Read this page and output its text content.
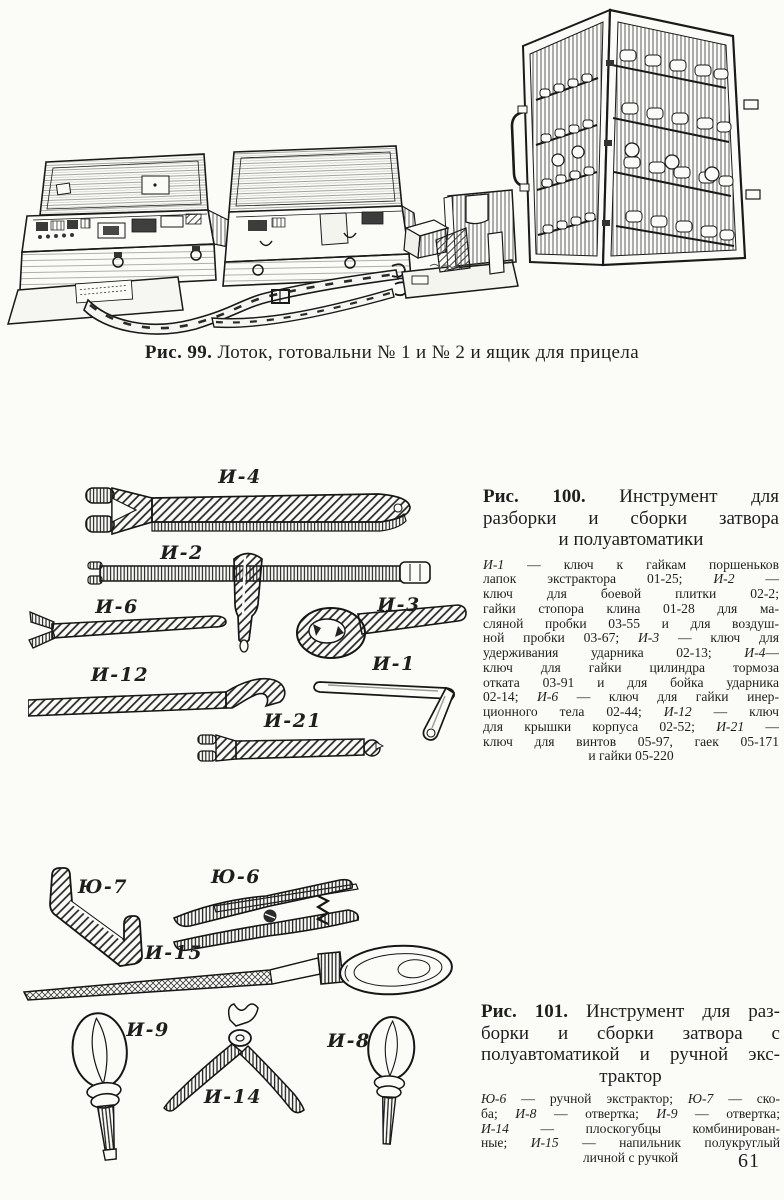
Рис. 99. Лоток, готовальни № 1 и № 2 и ящик для прицела
И-4
И-2
И-6	И-3
И-12	И-1
И-21
Рис. 100. Инструмент для
разборки и сборки затвора
и полуавтоматики
И-1 — ключ к гайкам поршеньков
лапок экстрактора 01-25; И-2 —
ключ для боевой плитки 02-2;
гайки стопора клина 01-28 для ма-
сляной пробки 03-55 и для воздуш-
ной пробки 03-67; И-3 — ключ для
удерживания ударника 02-13; И-4—
ключ для гайки цилиндра тормоза
отката 03-91 и для бойка ударника
02-14; И-6 — ключ для гайки инер-
ционного тела 02-44; И-12 — ключ
для крышки корпуса 02-52; И-21 —
ключ для винтов 05-97, гаек 05-171
и гайки 05-220
Ю-7	Ю-6
И-15
И-9
И-14
И-8
Рис. 101. Инструмент для раз-
борки и сборки затвора с
полуавтоматикой и ручной экс-
трактор
Ю-6 — ручной экстрактор; Ю-7 — ско-
ба; И-8 — отвертка; И-9 — отвертка;
И-14 — плоскогубцы комбинирован-
ные; И-15 — напильник полукруглый
личной с ручкой	61
